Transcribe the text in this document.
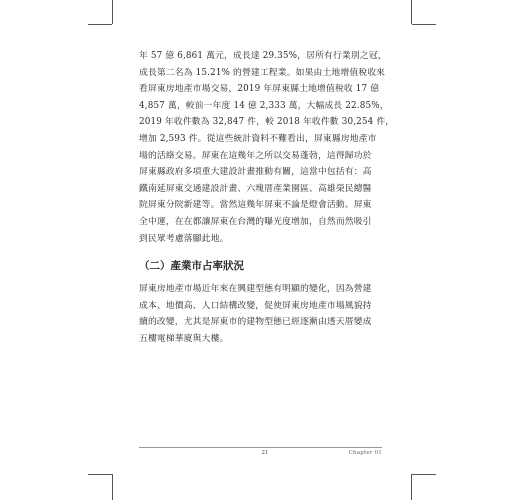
年 57 億 6,861 萬元，成長達 29.35%，居所有行業別之冠，
成長第二名為 15.21% 的營建工程業。如果由土地增值稅收來
看屏東房地產市場交易，2019 年屏東縣土地增值稅收 17 億
4,857 萬，較前一年度 14 億 2,333 萬，大幅成長 22.85%，
2019 年收件數為 32,847 件，較 2018 年收件數 30,254 件，
增加 2,593 件。從這些統計資料不難看出，屏東縣房地產市
場的活絡交易。屏東在這幾年之所以交易蓬勃，這得歸功於
屏東縣政府多項重大建設計畫推動有關，這當中包括有：高
鐵南延屏東交通建設計畫、六塊厝產業園區、高雄榮民總醫
院屏東分院新建等。當然這幾年屏東不論是燈會活動、屏東
全中運，在在都讓屏東在台灣的曝光度增加，自然而然吸引
到民眾考慮落腳此地。
（二）產業市占率狀況
屏東房地產市場近年來在興建型態有明顯的變化，因為營建
成本、地價高、人口結構改變，促使屏東房地產市場風貌持
續的改變，尤其是屏東市的建物型態已經逐漸由透天厝變成
五樓電梯華廈與大樓。
21	Chapter 01
